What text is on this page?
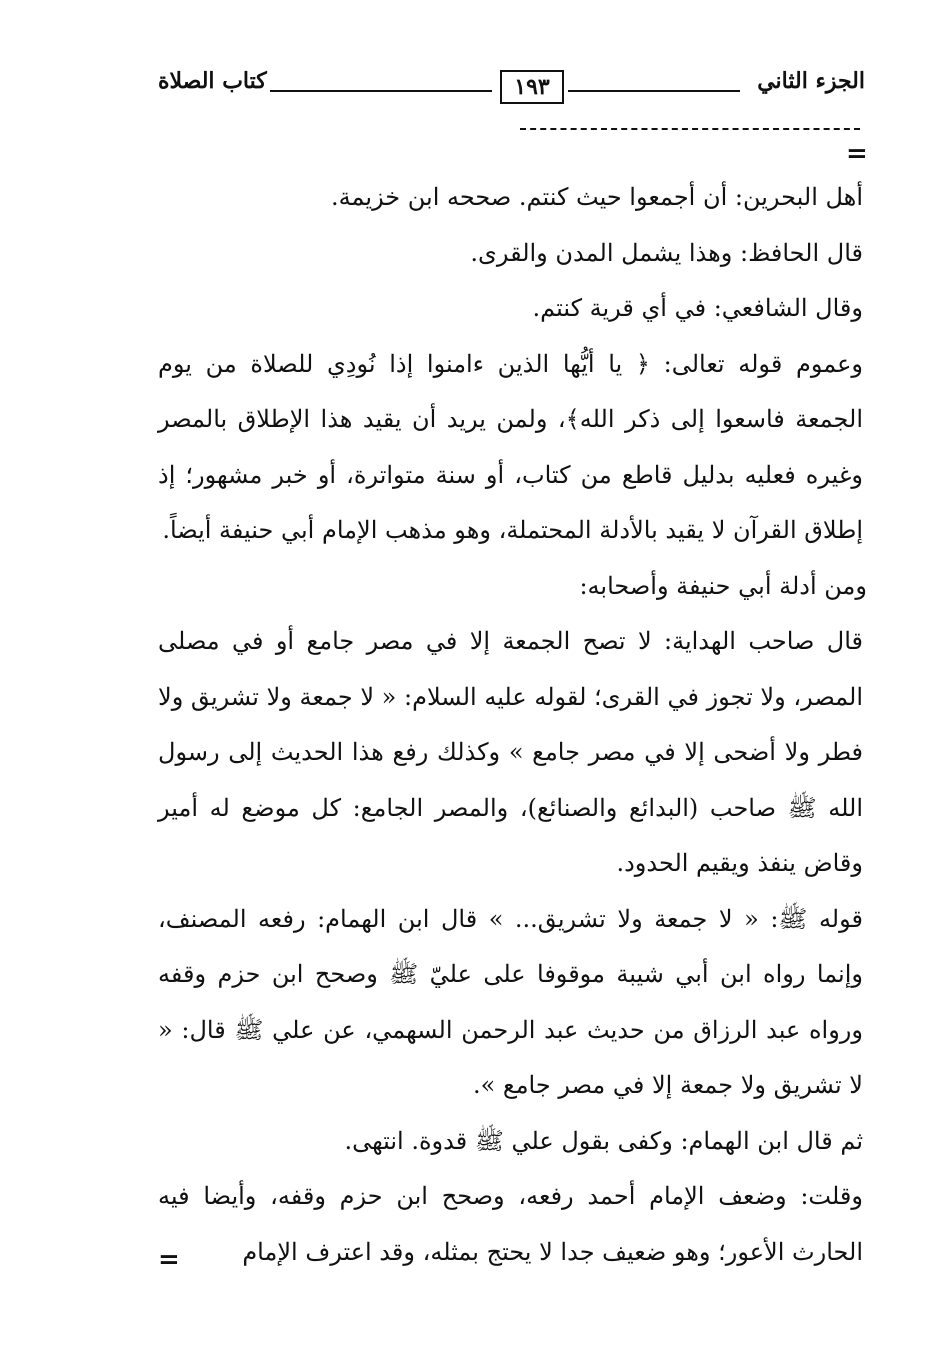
كتاب الصلاة	١٩٣	الجزء الثاني
=

أهل البحرين: أن أجمعوا حيث كنتم. صححه ابن خزيمة.

قال الحافظ: وهذا يشمل المدن والقرى.

وقال الشافعي: في أي قرية كنتم.

وعموم قوله تعالى: ﴿ يا أيُّها الذين ءامنوا إذا نُودِي للصلاة من يوم الجمعة فاسعوا إلى ذكر الله﴾، ولمن يريد أن يقيد هذا الإطلاق بالمصر وغيره فعليه بدليل قاطع من كتاب، أو سنة متواترة، أو خبر مشهور؛ إذ إطلاق القرآن لا يقيد بالأدلة المحتملة، وهو مذهب الإمام أبي حنيفة أيضاً.

ومن أدلة أبي حنيفة وأصحابه:

قال صاحب الهداية: لا تصح الجمعة إلا في مصر جامع أو في مصلى المصر، ولا تجوز في القرى؛ لقوله عليه السلام: « لا جمعة ولا تشريق ولا فطر ولا أضحى إلا في مصر جامع » وكذلك رفع هذا الحديث إلى رسول الله ﷺ صاحب (البدائع والصنائع)، والمصر الجامع: كل موضع له أمير وقاض ينفذ ويقيم الحدود.

قوله ﷺ: « لا جمعة ولا تشريق... » قال ابن الهمام: رفعه المصنف، وإنما رواه ابن أبي شيبة موقوفا على عليّ ﷺ وصحح ابن حزم وقفه ورواه عبد الرزاق من حديث عبد الرحمن السهمي، عن علي ﷺ قال: « لا تشريق ولا جمعة إلا في مصر جامع ».

ثم قال ابن الهمام: وكفى بقول علي ﷺ قدوة. انتهى.

وقلت: وضعف الإمام أحمد رفعه، وصحح ابن حزم وقفه، وأيضا فيه الحارث الأعور؛ وهو ضعيف جدا لا يحتج بمثله، وقد اعترف الإمام

=
